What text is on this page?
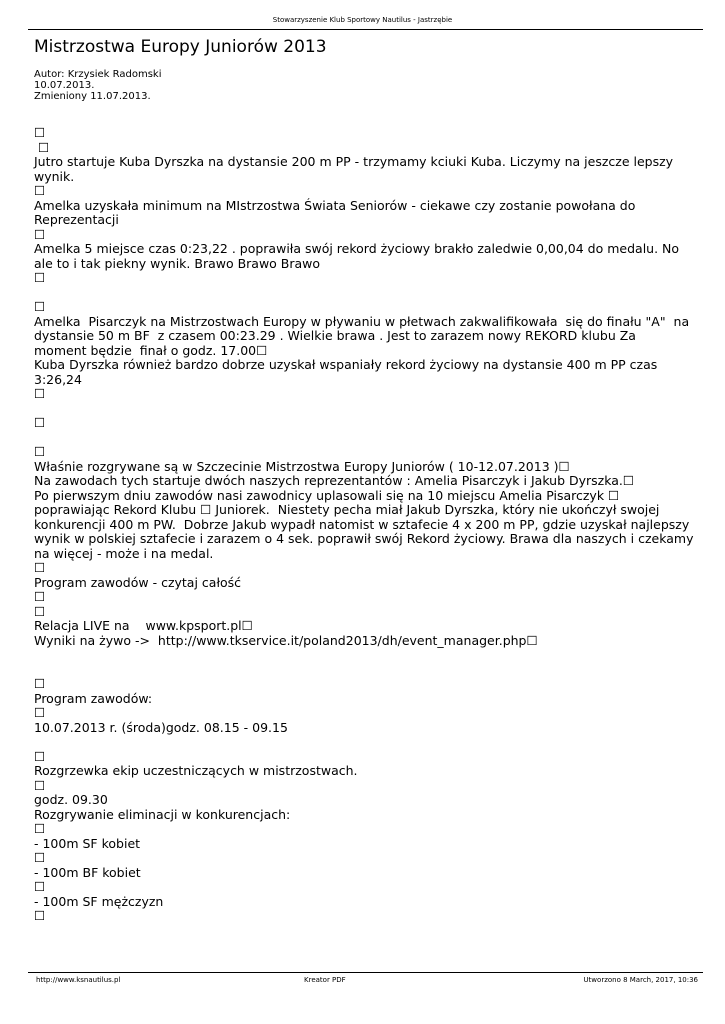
Stowarzyszenie Klub Sportowy Nautilus - Jastrzębie
Mistrzostwa Europy Juniorów 2013
Autor: Krzysiek Radomski
10.07.2013.
Zmieniony 11.07.2013.
☐
☐
Jutro startuje Kuba Dyrszka na dystansie 200 m PP - trzymamy kciuki Kuba. Liczymy na jeszcze lepszy
wynik.
☐
Amelka uzyskała minimum na MIstrzostwa Świata Seniorów - ciekawe czy zostanie powołana do
Reprezentacji
☐
Amelka 5 miejsce czas 0:23,22 . poprawiła swój rekord życiowy brakło zaledwie 0,00,04 do medalu. No
ale to i tak piekny wynik. Brawo Brawo Brawo
☐
☐
Amelka  Pisarczyk na Mistrzostwach Europy w pływaniu w płetwach zakwalifikowała  się do finału "A"  na
dystansie 50 m BF  z czasem 00:23.29 . Wielkie brawa . Jest to zarazem nowy REKORD klubu Za
moment będzie  finał o godz. 17.00☐
Kuba Dyrszka również bardzo dobrze uzyskał wspaniały rekord życiowy na dystansie 400 m PP czas
3:26,24
☐
☐
☐
Właśnie rozgrywane są w Szczecinie Mistrzostwa Europy Juniorów ( 10-12.07.2013 )☐
Na zawodach tych startuje dwóch naszych reprezentantów : Amelia Pisarczyk i Jakub Dyrszka.☐
Po pierwszym dniu zawodów nasi zawodnicy uplasowali się na 10 miejscu Amelia Pisarczyk ☐
poprawiając Rekord Klubu ☐ Juniorek.  Niestety pecha miał Jakub Dyrszka, który nie ukończył swojej
konkurencji 400 m PW.  Dobrze Jakub wypadł natomist w sztafecie 4 x 200 m PP, gdzie uzyskał najlepszy
wynik w polskiej sztafecie i zarazem o 4 sek. poprawił swój Rekord życiowy. Brawa dla naszych i czekamy
na więcej - może i na medal.
☐
Program zawodów - czytaj całość
☐
☐
Relacja LIVE na    www.kpsport.pl☐
Wyniki na żywo ->  http://www.tkservice.it/poland2013/dh/event_manager.php☐
☐
Program zawodów:
☐
10.07.2013 r. (środa)godz. 08.15 - 09.15
☐
Rozgrzewka ekip uczestniczących w mistrzostwach.
☐
godz. 09.30
Rozgrywanie eliminacji w konkurencjach:
☐
- 100m SF kobiet
☐
- 100m BF kobiet
☐
- 100m SF mężczyzn
☐
http://www.ksnautilus.pl	Kreator PDF	Utworzono 8 March, 2017, 10:36
